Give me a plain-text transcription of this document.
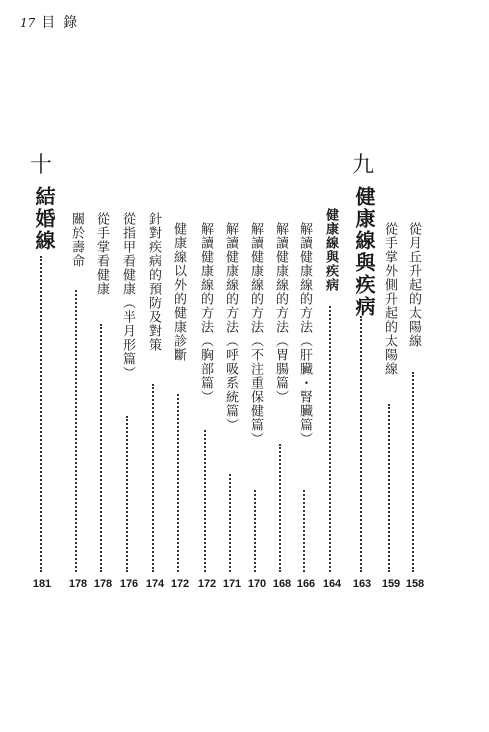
17 目錄
從月丘升起的太陽線
158
從手掌外側升起的太陽線
159
九
健康線與疾病
163
健康線與疾病
164
解讀健康線的方法（肝臟・腎臟篇）
166
解讀健康線的方法（胃腸篇）
168
解讀健康線的方法（不注重保健篇）
170
解讀健康線的方法（呼吸系統篇）
171
解讀健康線的方法（胸部篇）
172
健康線以外的健康診斷
172
針對疾病的預防及對策
174
從指甲看健康（半月形篇）
176
從手掌看健康
178
關於壽命
178
十
結婚線
181
